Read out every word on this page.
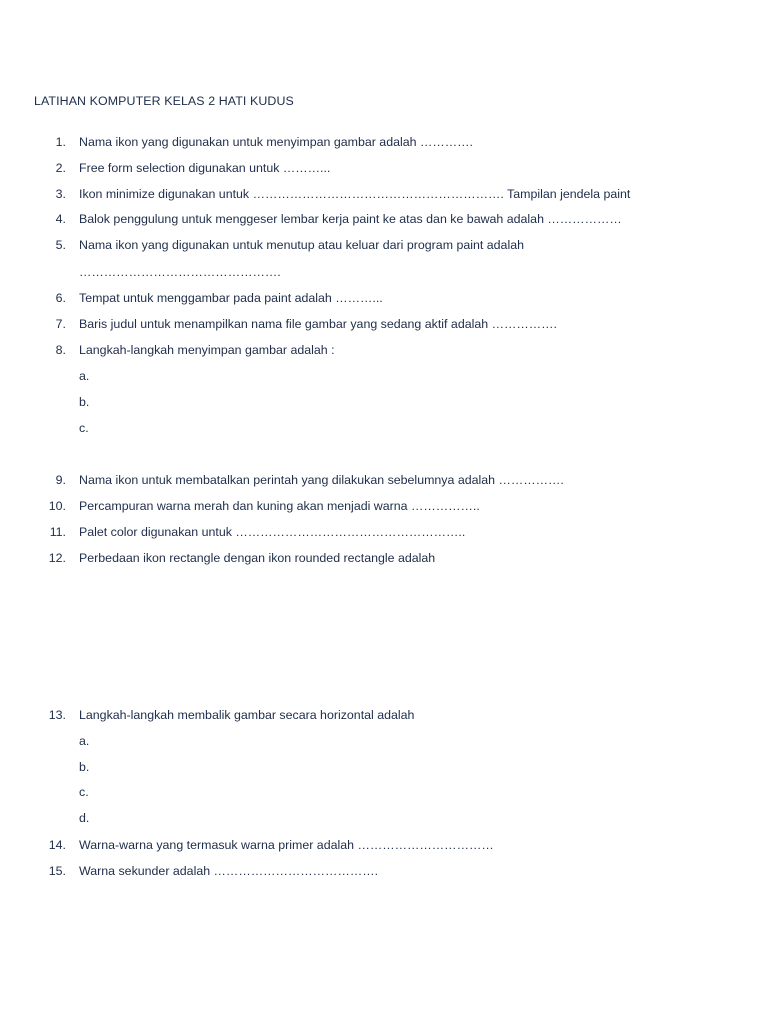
LATIHAN KOMPUTER KELAS 2 HATI KUDUS
1. Nama ikon yang digunakan untuk menyimpan gambar adalah ………….
2. Free form selection digunakan untuk ………...
3. Ikon minimize digunakan untuk ……………………………………………………. Tampilan jendela paint
4. Balok penggulung untuk menggeser lembar kerja paint ke atas dan ke bawah adalah ………………
5. Nama ikon yang digunakan untuk menutup atau keluar dari program paint adalah
………………………………………….
6. Tempat untuk menggambar pada paint adalah ………...
7. Baris judul untuk menampilkan nama file gambar yang sedang aktif adalah …………….
8. Langkah-langkah menyimpan gambar adalah :
a.
b.
c.
9. Nama ikon untuk membatalkan perintah yang dilakukan sebelumnya adalah …………….
10. Percampuran warna merah dan kuning akan menjadi warna ……………..
11. Palet color digunakan untuk ………………………………………………..
12. Perbedaan ikon rectangle dengan ikon rounded rectangle adalah
13. Langkah-langkah membalik gambar secara horizontal adalah
a.
b.
c.
d.
14. Warna-warna yang termasuk warna primer adalah ……………………………
15. Warna sekunder adalah ………………………………….
